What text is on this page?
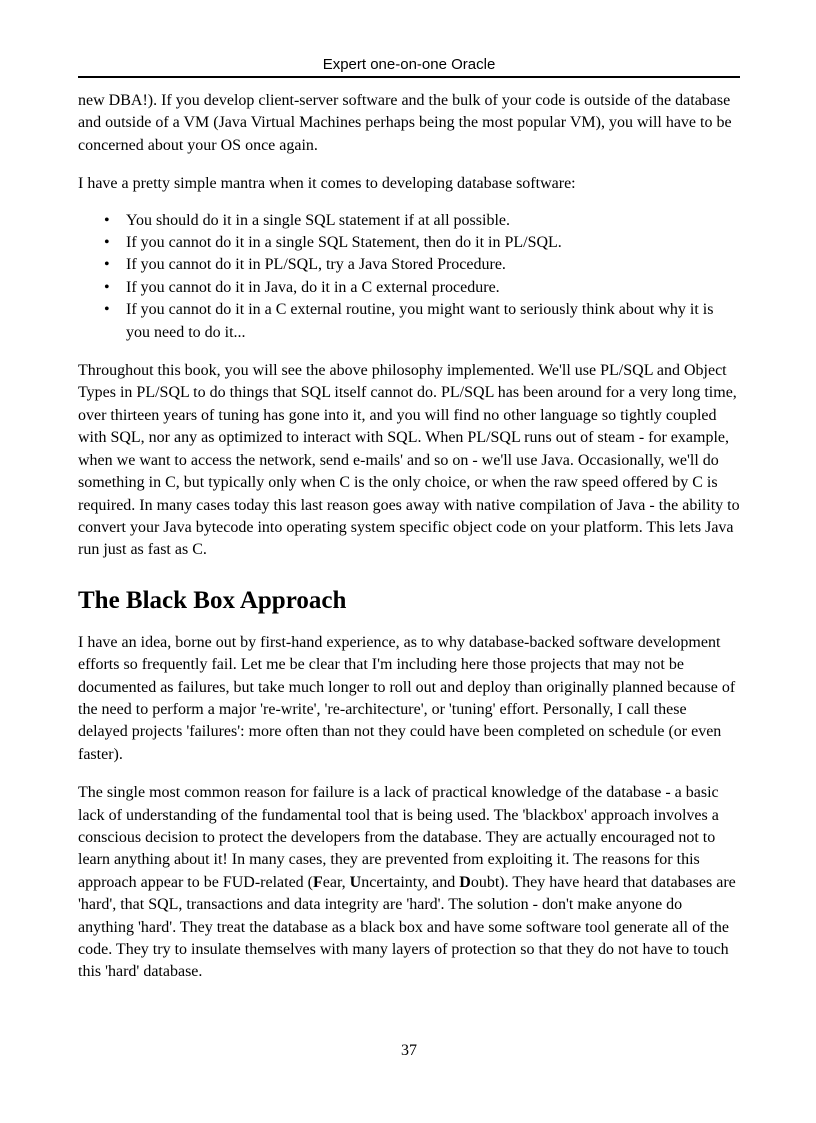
Expert one-on-one Oracle

new DBA!). If you develop client-server software and the bulk of your code is outside of the database and outside of a VM (Java Virtual Machines perhaps being the most popular VM), you will have to be concerned about your OS once again.

I have a pretty simple mantra when it comes to developing database software:

• You should do it in a single SQL statement if at all possible.
• If you cannot do it in a single SQL Statement, then do it in PL/SQL.
• If you cannot do it in PL/SQL, try a Java Stored Procedure.
• If you cannot do it in Java, do it in a C external procedure.
• If you cannot do it in a C external routine, you might want to seriously think about why it is you need to do it...

Throughout this book, you will see the above philosophy implemented. We'll use PL/SQL and Object Types in PL/SQL to do things that SQL itself cannot do. PL/SQL has been around for a very long time, over thirteen years of tuning has gone into it, and you will find no other language so tightly coupled with SQL, nor any as optimized to interact with SQL. When PL/SQL runs out of steam - for example, when we want to access the network, send e-mails' and so on - we'll use Java. Occasionally, we'll do something in C, but typically only when C is the only choice, or when the raw speed offered by C is required. In many cases today this last reason goes away with native compilation of Java - the ability to convert your Java bytecode into operating system specific object code on your platform. This lets Java run just as fast as C.

The Black Box Approach

I have an idea, borne out by first-hand experience, as to why database-backed software development efforts so frequently fail. Let me be clear that I'm including here those projects that may not be documented as failures, but take much longer to roll out and deploy than originally planned because of the need to perform a major 're-write', 're-architecture', or 'tuning' effort. Personally, I call these delayed projects 'failures': more often than not they could have been completed on schedule (or even faster).

The single most common reason for failure is a lack of practical knowledge of the database - a basic lack of understanding of the fundamental tool that is being used. The 'blackbox' approach involves a conscious decision to protect the developers from the database. They are actually encouraged not to learn anything about it! In many cases, they are prevented from exploiting it. The reasons for this approach appear to be FUD-related (Fear, Uncertainty, and Doubt). They have heard that databases are 'hard', that SQL, transactions and data integrity are 'hard'. The solution - don't make anyone do anything 'hard'. They treat the database as a black box and have some software tool generate all of the code. They try to insulate themselves with many layers of protection so that they do not have to touch this 'hard' database.

37
